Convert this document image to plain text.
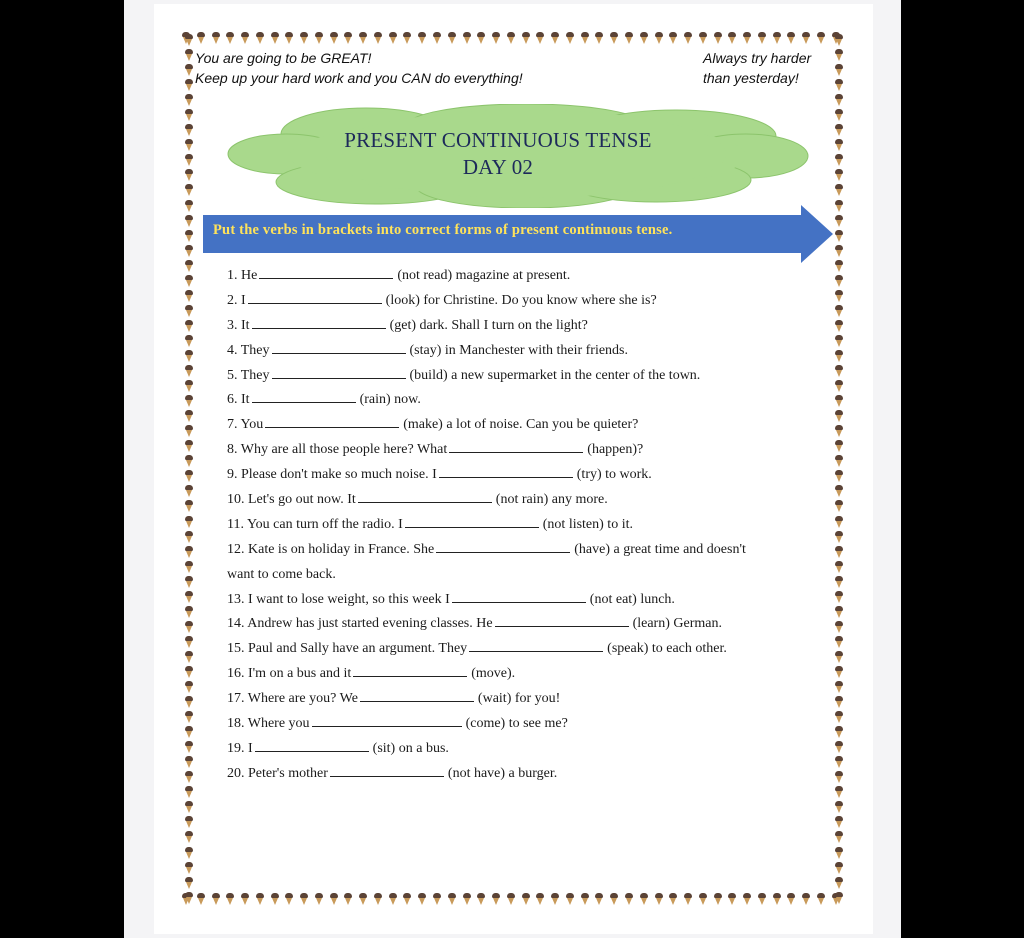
You are going to be GREAT!
Keep up your hard work and you CAN do everything!
Always try harder
than yesterday!
PRESENT CONTINUOUS TENSE
DAY 02
Put the verbs in brackets into correct forms of present continuous tense.
1. He	(not read) magazine at present.
2. I	(look) for Christine. Do you know where she is?
3. It	(get) dark. Shall I turn on the light?
4. They	(stay) in Manchester with their friends.
5. They	(build) a new supermarket in the center of the town.
6. It	(rain) now.
7. You	(make) a lot of noise. Can you be quieter?
8. Why are all those people here? What	(happen)?
9. Please don't make so much noise. I	(try) to work.
10. Let's go out now. It	(not rain) any more.
11. You can turn off the radio. I	(not listen) to it.
12. Kate is on holiday in France. She	(have) a great time and doesn't
want to come back.
13. I want to lose weight, so this week I	(not eat) lunch.
14. Andrew has just started evening classes. He	(learn) German.
15. Paul and Sally have an argument. They	(speak) to each other.
16. I'm on a bus and it	(move).
17. Where are you? We	(wait) for you!
18. Where you	(come) to see me?
19. I	(sit) on a bus.
20. Peter's mother	(not have) a burger.
